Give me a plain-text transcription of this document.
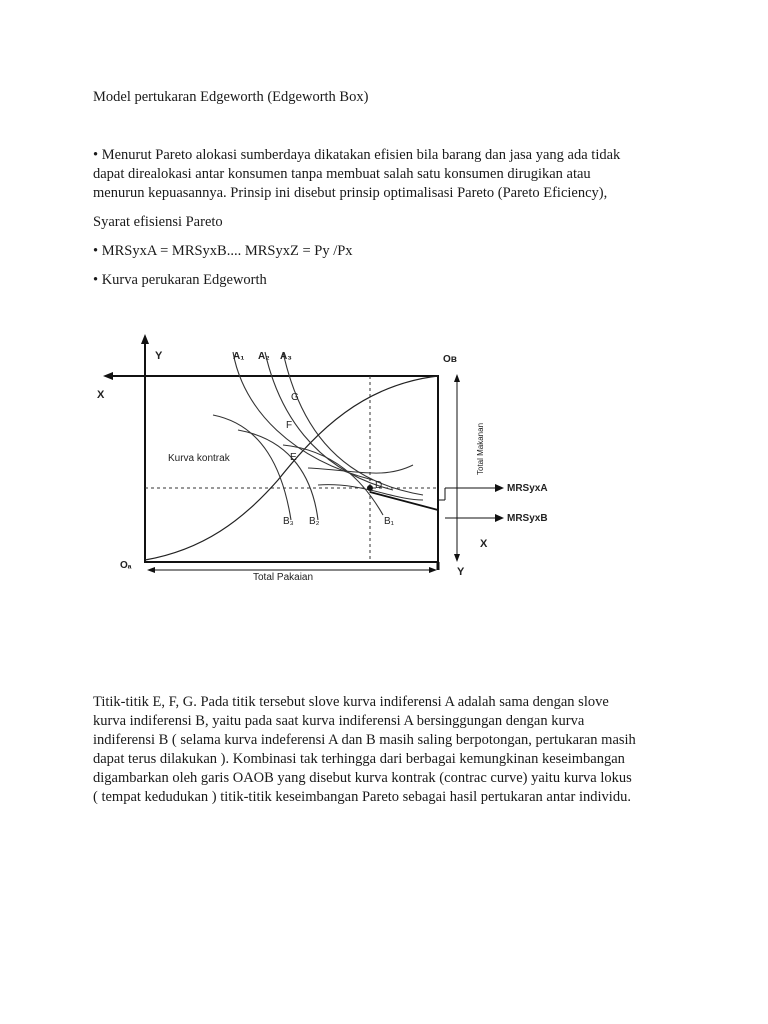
Model pertukaran Edgeworth (Edgeworth Box)

• Menurut Pareto alokasi sumberdaya dikatakan efisien bila barang dan jasa yang ada tidak

dapat direalokasi antar konsumen tanpa membuat salah satu konsumen dirugikan atau

menurun kepuasannya. Prinsip ini disebut prinsip optimalisasi Pareto (Pareto Eficiency),

Syarat efisiensi Pareto

• MRSyxA = MRSyxB.... MRSyxZ = Py /Px

• Kurva perukaran Edgeworth

Y
X
A₁ A₂ A₃	Oʙ
Oₐ
G
F
E
D
Kurva kontrak
B₃ B₂	B₁
Total Makanan
Total Pakaian
MRSyxA
MRSyxB
X
Y

Titik-titik E, F, G. Pada titik tersebut slove kurva indiferensi A adalah sama dengan slove

kurva indiferensi B, yaitu pada saat kurva indiferensi A bersinggungan dengan kurva

indiferensi B ( selama kurva indeferensi A dan B masih saling berpotongan, pertukaran masih

dapat terus dilakukan ). Kombinasi tak terhingga dari berbagai kemungkinan keseimbangan

digambarkan oleh garis OAOB yang disebut kurva kontrak (contrac curve) yaitu kurva lokus

( tempat kedudukan ) titik-titik keseimbangan Pareto sebagai hasil pertukaran antar individu.
